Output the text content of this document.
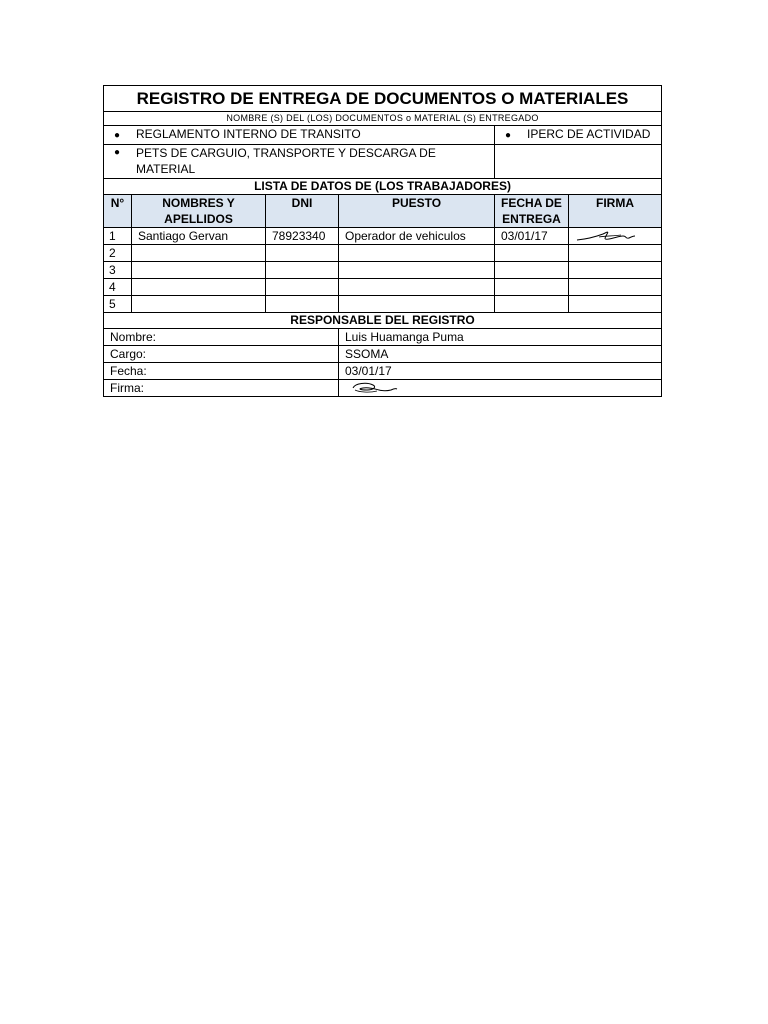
REGISTRO DE ENTREGA DE DOCUMENTOS O MATERIALES					
NOMBRE (S) DEL (LOS) DOCUMENTOS o MATERIAL (S) ENTREGADO					
● REGLAMENTO INTERNO DE TRANSITO				● IPERC DE ACTIVIDAD	

● PETS DE CARGUIO, TRANSPORTE Y DESCARGA DE MATERIAL					

LISTA DE DATOS DE (LOS TRABAJADORES)					
N°	NOMBRES Y APELLIDOS	DNI	PUESTO	FECHA DE ENTREGA	FIRMA
1	Santiago Gervan	78923340	Operador de vehiculos	03/01/17	

2					
3					
4					
5					
RESPONSABLE DEL REGISTRO					
Nombre:			Luis Huamanga Puma		
Cargo:			SSOMA		
Fecha:			03/01/17		
Firma:	
